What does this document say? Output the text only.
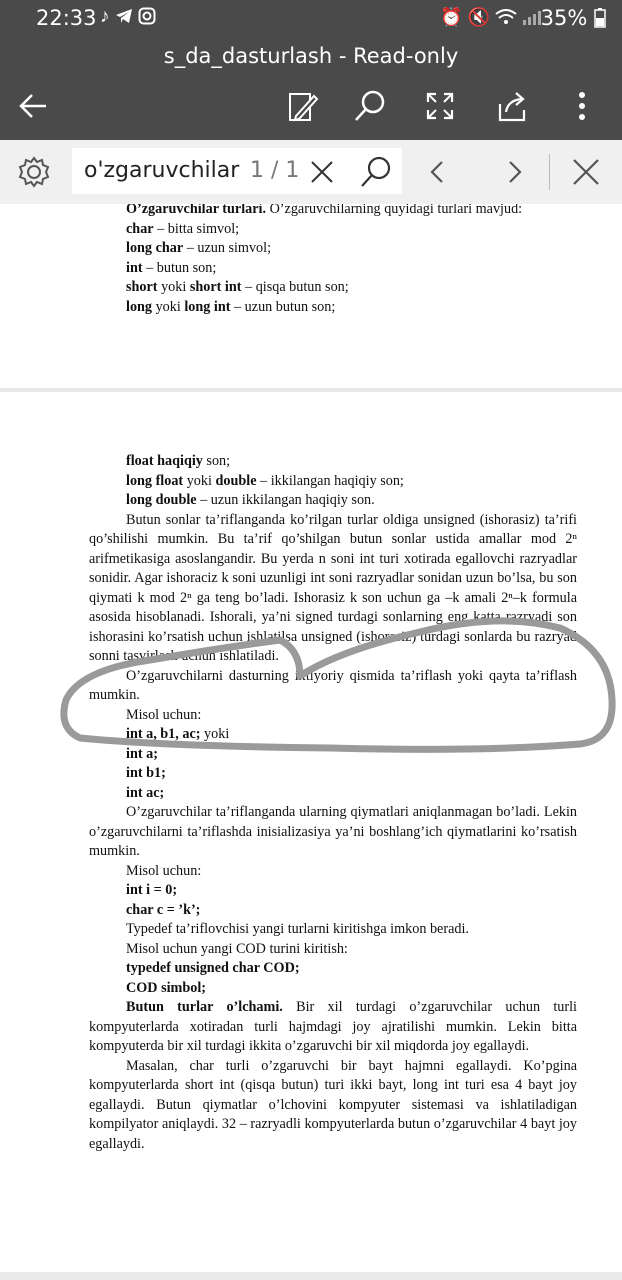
22:33 ♪	⏰ 🔇	35%
s_da_dasturlash - Read-only
o'zgaruvchilar 1 / 1

O’zgaruvchilar turlari. O’zgaruvchilarning quyidagi turlari mavjud:

char – bitta simvol;

long char – uzun simvol;

int – butun son;

short yoki short int – qisqa butun son;

long yoki long int – uzun butun son;

float haqiqiy son;

long float yoki double – ikkilangan haqiqiy son;

long double – uzun ikkilangan haqiqiy son.

Butun sonlar ta’riflanganda ko’rilgan turlar oldiga unsigned (ishorasiz) ta’rifi qo’shilishi mumkin. Bu ta’rif qo’shilgan butun sonlar ustida amallar mod 2ⁿ arifmetikasiga asoslangandir. Bu yerda n soni int turi xotirada egallovchi razryadlar sonidir. Agar ishoraciz k soni uzunligi int soni razryadlar sonidan uzun bo’lsa, bu son qiymati k mod 2ⁿ ga teng bo’ladi. Ishorasiz k son uchun ga –k amali 2ⁿ–k formula asosida hisoblanadi. Ishorali, ya’ni signed turdagi sonlarning eng katta razryadi son ishorasini ko’rsatish uchun ishlatilsa unsigned (ishorasiz) turdagi sonlarda bu razryad sonni tasvirlash uchun ishlatiladi.

O’zgaruvchilarni dasturning ixtiyoriy qismida ta’riflash yoki qayta ta’riflash mumkin.

Misol uchun:

int a, b1, ac; yoki

int a;

int b1;

int ac;

O’zgaruvchilar ta’riflanganda ularning qiymatlari aniqlanmagan bo’ladi. Lekin o’zgaruvchilarni ta’riflashda inisializasiya ya’ni boshlang’ich qiymatlarini ko’rsatish mumkin.

Misol uchun:

int i = 0;

char c = ’k’;

Typedef ta’riflovchisi yangi turlarni kiritishga imkon beradi.

Misol uchun yangi COD turini kiritish:

typedef unsigned char COD;

COD simbol;

Butun turlar o’lchami. Bir xil turdagi o’zgaruvchilar uchun turli kompyuterlarda xotiradan turli hajmdagi joy ajratilishi mumkin. Lekin bitta kompyuterda bir xil turdagi ikkita o’zgaruvchi bir xil miqdorda joy egallaydi.

Masalan, char turli o’zgaruvchi bir bayt hajmni egallaydi. Ko’pgina kompyuterlarda short int (qisqa butun) turi ikki bayt, long int turi esa 4 bayt joy egallaydi. Butun qiymatlar o’lchovini kompyuter sistemasi va ishlatiladigan kompilyator aniqlaydi. 32 – razryadli kompyuterlarda butun o’zgaruvchilar 4 bayt joy egallaydi.
